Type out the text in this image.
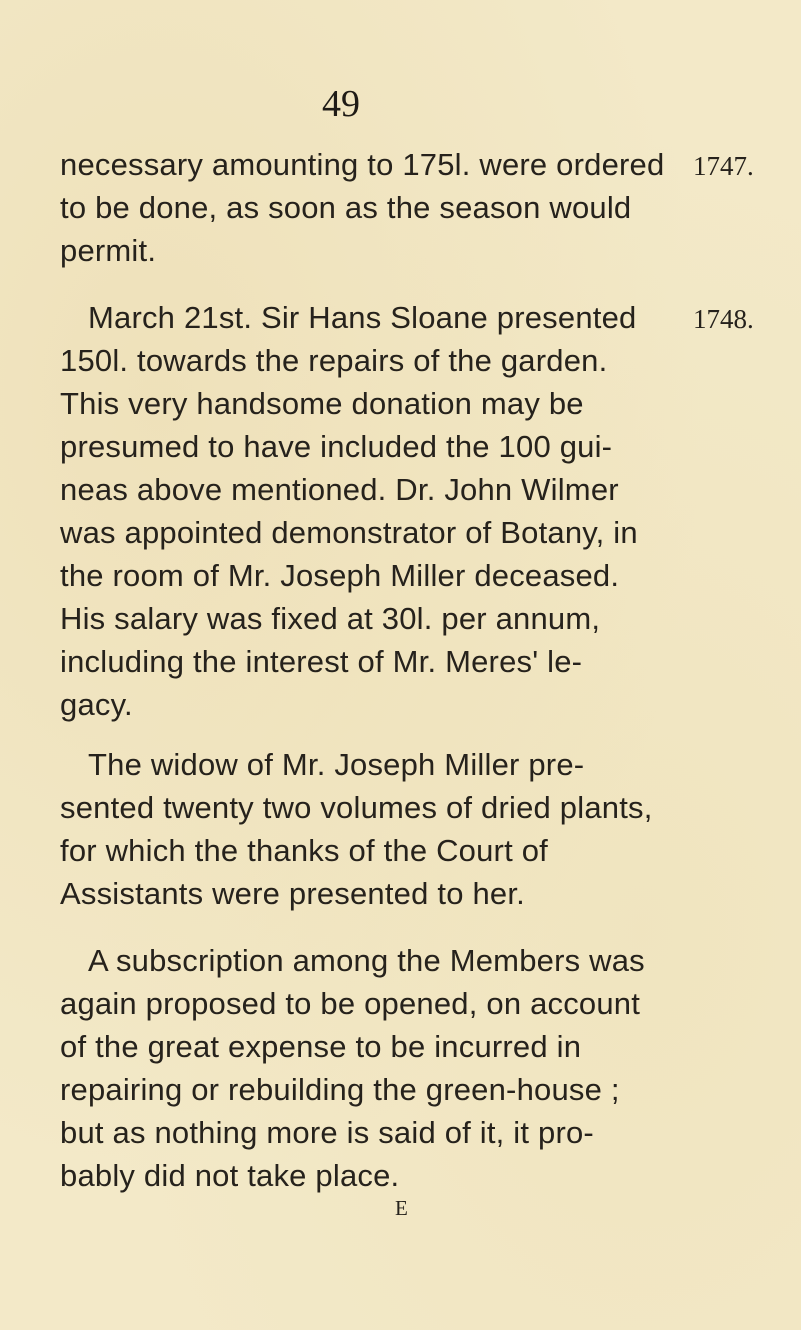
49
1747.
1748.
necessary amounting to 175l. were ordered
to be done, as soon as the season would
permit.
March 21st. Sir Hans Sloane presented
150l. towards the repairs of the garden.
This very handsome donation may be
presumed to have included the 100 gui-
neas above mentioned. Dr. John Wilmer
was appointed demonstrator of Botany, in
the room of Mr. Joseph Miller deceased.
His salary was fixed at 30l. per annum,
including the interest of Mr. Meres' le-
gacy.
The widow of Mr. Joseph Miller pre-
sented twenty two volumes of dried plants,
for which the thanks of the Court of
Assistants were presented to her.
A subscription among the Members was
again proposed to be opened, on account
of the great expense to be incurred in
repairing or rebuilding the green-house ;
but as nothing more is said of it, it pro-
bably did not take place.
E
